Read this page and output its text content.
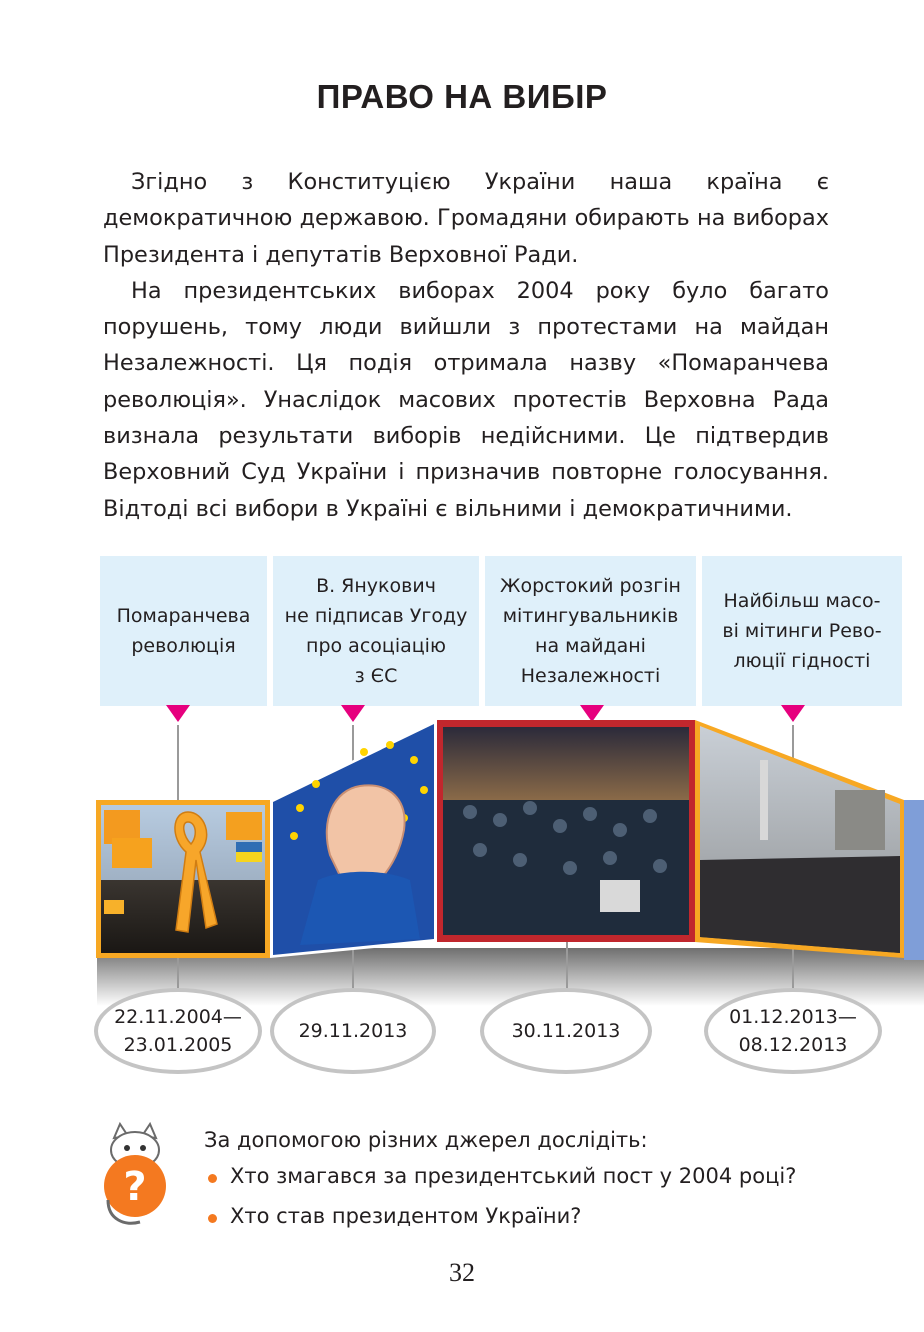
ПРАВО НА ВИБІР

Згідно з Конституцією України наша країна є демократичною державою. Громадяни обирають на виборах Президента і депутатів Верховної Ради.

На президентських виборах 2004 року було багато порушень, тому люди вийшли з протестами на майдан Незалежності. Ця подія отримала назву «Помаранчева революція». Унаслідок масових протестів Верховна Рада визнала результати виборів недійсними. Це підтвердив Верховний Суд України і призначив повторне голосування. Відтоді всі вибори в Україні є вільними і демократичними.

Помаранчева
революція
В. Янукович
не підписав Угоду
про асоціацію
з ЄС
Жорстокий розгін
мітингувальників
на майдані
Незалежності
Найбільш масо-
ві мітинги Рево-
люції гідності
22.11.2004—
23.01.2005
29.11.2013	30.11.2013
01.12.2013—
08.12.2013
?
За допомогою різних джерел дослідіть:
Хто змагався за президентський пост у 2004 році?
Хто став президентом України?
32
